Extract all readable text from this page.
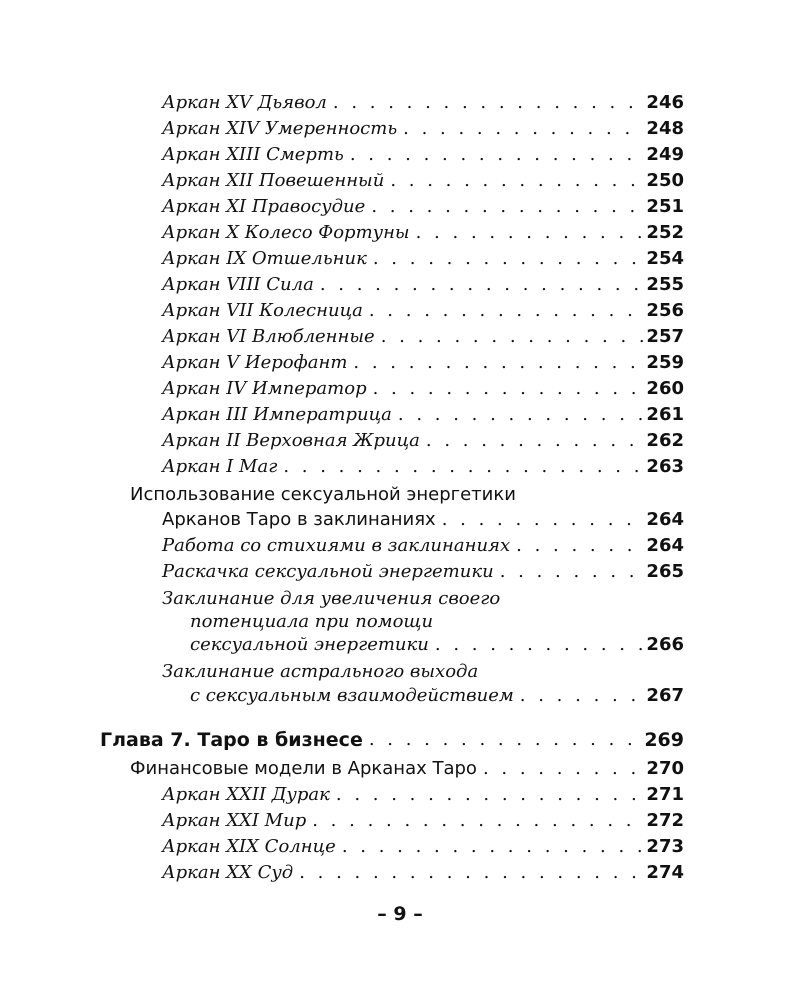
Аркан XV Дьявол . . .	246
Аркан XIV Умеренность . . .	248
Аркан XIII Смерть . . .	249
Аркан XII Повешенный . . .	250
Аркан XI Правосудие . . .	251
Аркан X Колесо Фортуны . . .	252
Аркан IX Отшельник . . .	254
Аркан VIII Сила . . .	255
Аркан VII Колесница . . .	256
Аркан VI Влюбленные . . .	257
Аркан V Иерофант . . .	259
Аркан IV Император . . .	260
Аркан III Императрица . . .	261
Аркан II Верховная Жрица . . .	262
Аркан I Маг . . .	263
Использование сексуальной энергетики
Арканов Таро в заклинаниях . . .	264
Работа со стихиями в заклинаниях . . .	264
Раскачка сексуальной энергетики . . .	265
Заклинание для увеличения своего
потенциала при помощи
сексуальной энергетики . . .	266
Заклинание астрального выхода
с сексуальным взаимодействием . . .	267
Глава 7. Таро в бизнесе . . .	269
Финансовые модели в Арканах Таро . . .	270
Аркан XXII Дурак . . .	271
Аркан XXI Мир . . .	272
Аркан XIX Солнце . . .	273
Аркан XX Суд . . .	274
– 9 –
